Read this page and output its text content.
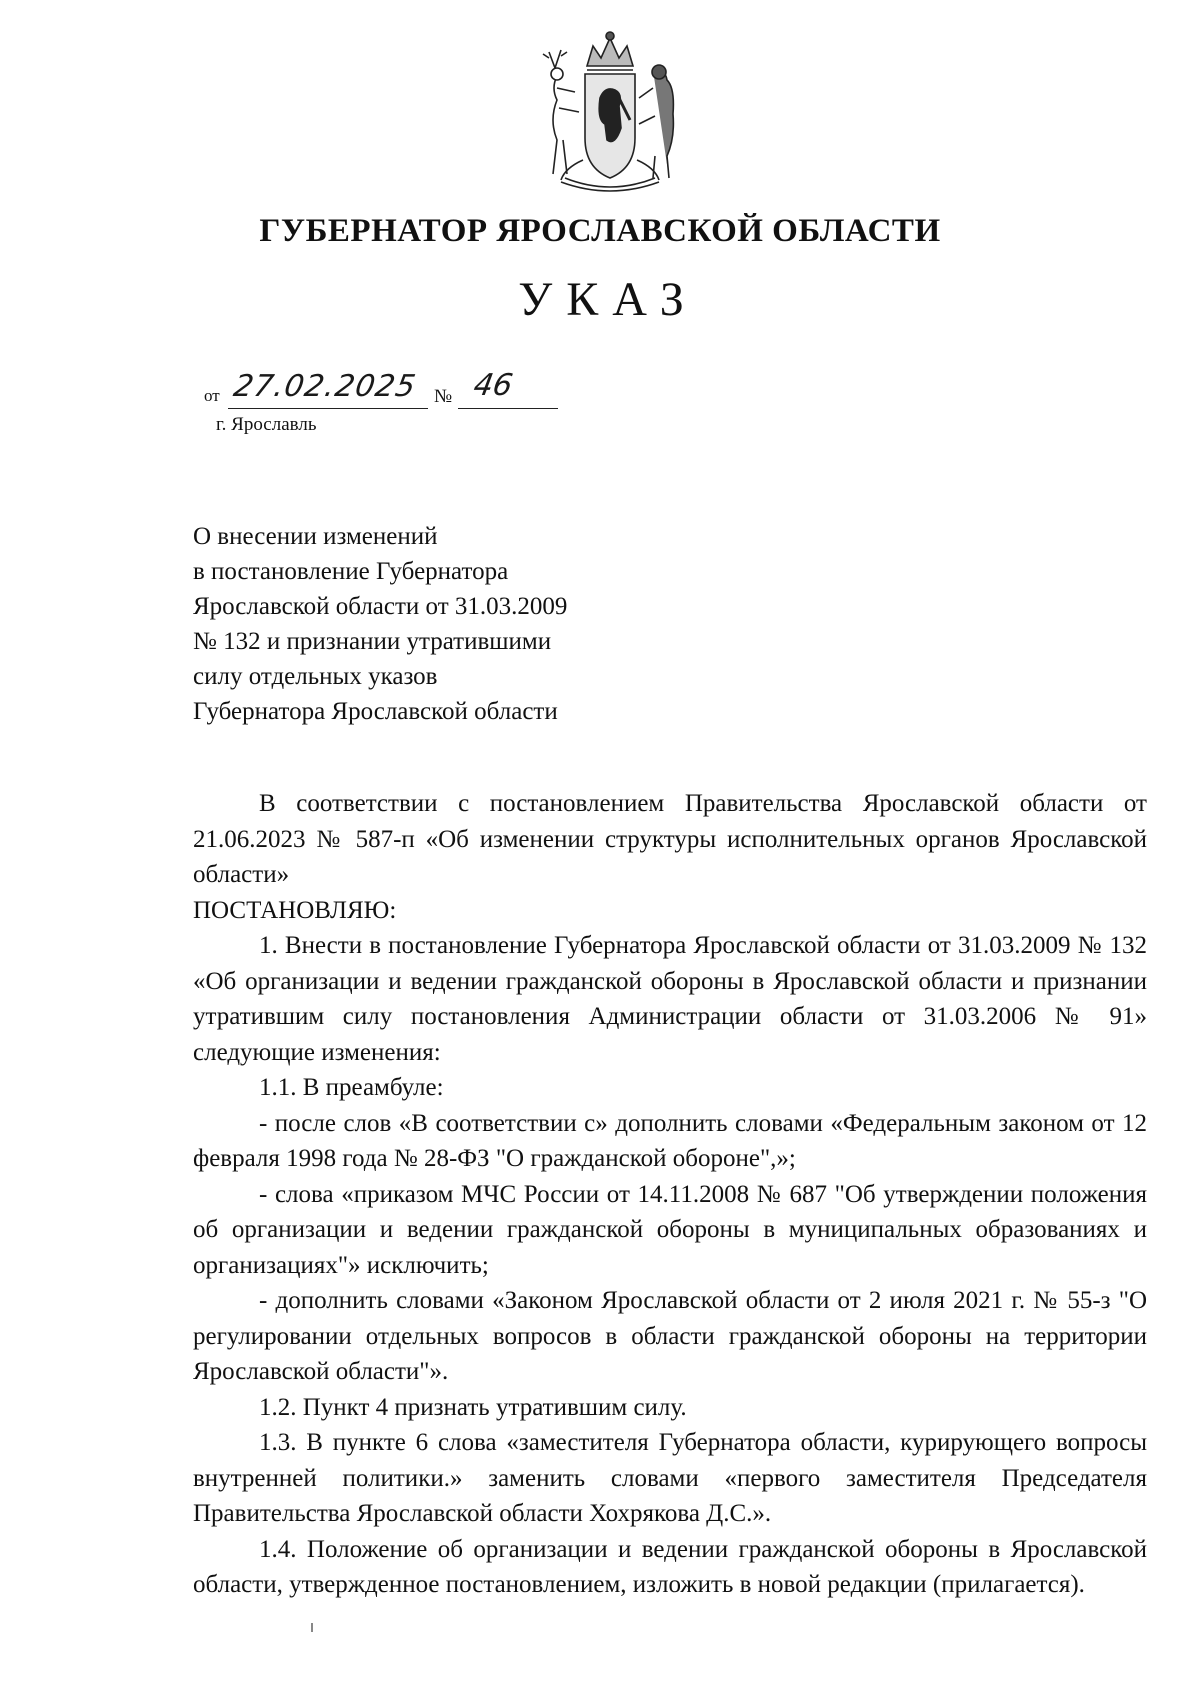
ГУБЕРНАТОР ЯРОСЛАВСКОЙ ОБЛАСТИ
УКАЗ
от 27.02.2025 № 46
г. Ярославль
О внесении изменений
в постановление Губернатора
Ярославской области от 31.03.2009
№ 132 и признании утратившими
силу отдельных указов
Губернатора Ярославской области

В соответствии с постановлением Правительства Ярославской области от 21.06.2023 № 587-п «Об изменении структуры исполнительных органов Ярославской области»

ПОСТАНОВЛЯЮ:

1. Внести в постановление Губернатора Ярославской области от 31.03.2009 № 132 «Об организации и ведении гражданской обороны в Ярославской области и признании утратившим силу постановления Администрации области от 31.03.2006 № 91» следующие изменения:

1.1. В преамбуле:

- после слов «В соответствии с» дополнить словами «Федеральным законом от 12 февраля 1998 года № 28-ФЗ "О гражданской обороне",»;

- слова «приказом МЧС России от 14.11.2008 № 687 "Об утверждении положения об организации и ведении гражданской обороны в муниципальных образованиях и организациях"» исключить;

- дополнить словами «Законом Ярославской области от 2 июля 2021 г. № 55-з "О регулировании отдельных вопросов в области гражданской обороны на территории Ярославской области"».

1.2. Пункт 4 признать утратившим силу.

1.3. В пункте 6 слова «заместителя Губернатора области, курирующего вопросы внутренней политики.» заменить словами «первого заместителя Председателя Правительства Ярославской области Хохрякова Д.С.».

1.4. Положение об организации и ведении гражданской обороны в Ярославской области, утвержденное постановлением, изложить в новой редакции (прилагается).
